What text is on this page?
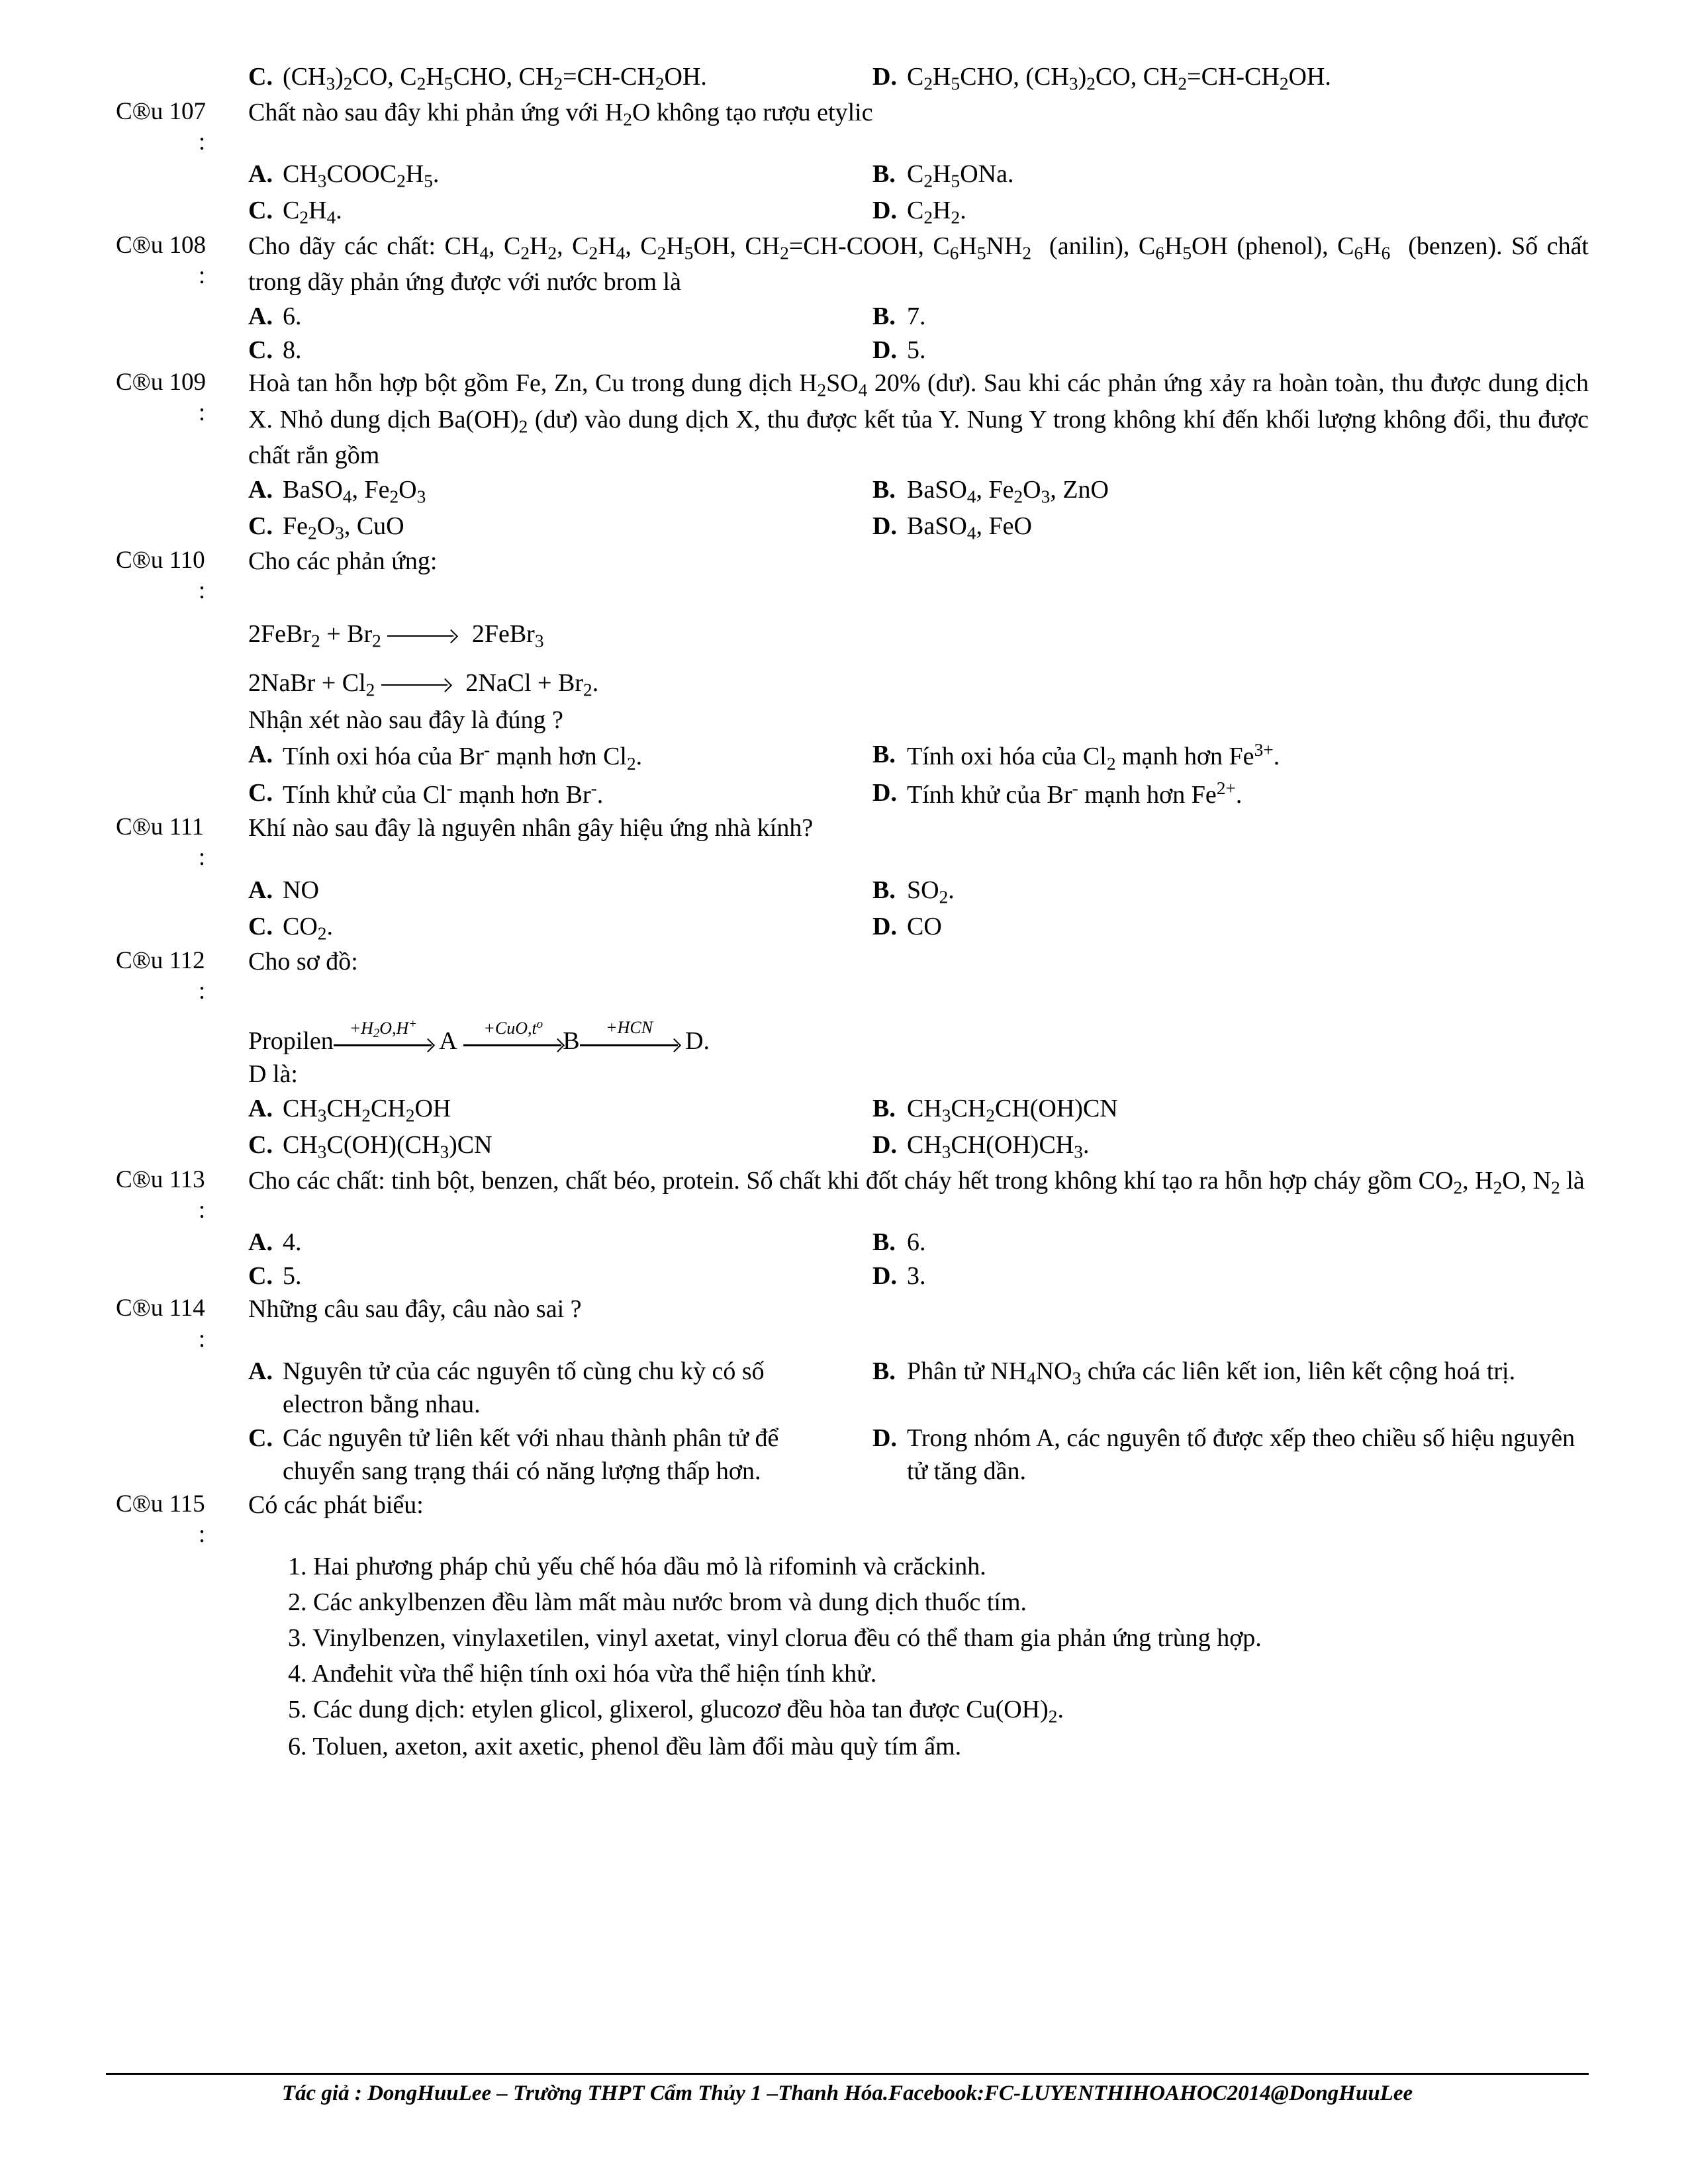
C. $(CH_3)_2CO$, $C_2H_5CHO$, $CH_2=CH-CH_2OH$.	D. $C_2H_5CHO$, $(CH_3)_2CO$, $CH_2=CH-CH_2OH$.
C®u 107
:
Chất nào sau đây khi phản ứng với $H_2O$ không tạo rượu etylic
A. $CH_3COOC_2H_5$.	B. $C_2H_5ONa$.
C. $C_2H_4$.	D. $C_2H_2$.
C®u 108
:
Cho dãy các chất: $CH_4$, $C_2H_2$, $C_2H_4$, $C_2H_5OH$, $CH_2=CH$-COOH, $C_6H_5NH_2$  (anilin), $C_6H_5OH$ (phenol), $C_6H_6$  (benzen). Số chất trong dãy phản ứng được với nước brom là
A. 6.	B. 7.
C. 8.	D. 5.
C®u 109
:
Hoà tan hỗn hợp bột gồm Fe, Zn, Cu trong dung dịch $H_2SO_4$ 20% (dư). Sau khi các phản ứng xảy ra hoàn toàn, thu được dung dịch X. Nhỏ dung dịch $Ba(OH)_2$ (dư) vào dung dịch X, thu được kết tủa Y. Nung Y trong không khí đến khối lượng không đổi, thu được chất rắn gồm
A. BaSO$_4$, $Fe_2O_3$	B. BaSO$_4$, $Fe_2O_3$, ZnO
C. $Fe_2O_3$, CuO	D. BaSO$_4$, FeO
C®u 110
:
Cho các phản ứng:
2FeBr$_2$ + $Br_2$	2FeBr$_3$
2NaBr + $Cl_2$	2NaCl + $Br_2$.
Nhận xét nào sau đây là đúng ?
A. Tính oxi hóa của Br- mạnh hơn $Cl_2$.	B. Tính oxi hóa của $Cl_2$ mạnh hơn $Fe^{3+}$.
C. Tính khử của Cl- mạnh hơn Br-.	D. Tính khử của Br- mạnh hơn $Fe^{2+}$.
C®u 111
:
Khí nào sau đây là nguyên nhân gây hiệu ứng nhà kính?
A. NO	B. $SO_2$.
C. $CO_2$.	D. CO
C®u 112
:
Cho sơ đồ:
Propilen $+H_2O,H^+$
$A +CuO,t^o$
B +HCN D.
D là:
A. $CH_3CH_2CH_2OH$	B. $CH_3CH_2CH(OH)CN$
C. $CH_3C(OH)(CH_3)CN$	D. $CH_3CH(OH)CH_3$.
C®u 113
:
Cho các chất: tinh bột, benzen, chất béo, protein. Số chất khi đốt cháy hết trong không khí tạo ra hỗn hợp cháy gồm $CO_2$, $H_2O$, $N_2$ là
A. 4.	B. 6.
C. 5.	D. 3.
C®u 114
:
Những câu sau đây, câu nào sai ?
A. Nguyên tử của các nguyên tố cùng chu kỳ có số electron bằng nhau.
B. Phân tử $NH_4NO_3$ chứa các liên kết ion, liên kết cộng hoá trị.
C. Các nguyên tử liên kết với nhau thành phân tử để chuyển sang trạng thái có năng lượng thấp hơn.
D. Trong nhóm A, các nguyên tố được xếp theo chiều số hiệu nguyên tử tăng dần.
C®u 115
:
Có các phát biểu:
1. Hai phương pháp chủ yếu chế hóa dầu mỏ là rifominh và crăckinh.
2. Các ankylbenzen đều làm mất màu nước brom và dung dịch thuốc tím.
3. Vinylbenzen, vinylaxetilen, vinyl axetat, vinyl clorua đều có thể tham gia phản ứng trùng hợp.
4. Anđehit vừa thể hiện tính oxi hóa vừa thể hiện tính khử.
5. Các dung dịch: etylen glicol, glixerol, glucozơ đều hòa tan được $Cu(OH)_2$.
6. Toluen, axeton, axit axetic, phenol đều làm đổi màu quỳ tím ẩm.
Tác giả : DongHuuLee – Trường THPT Cẩm Thủy 1 –Thanh Hóa.Facebook:FC-LUYENTHIHOAHOC2014@DongHuuLee
